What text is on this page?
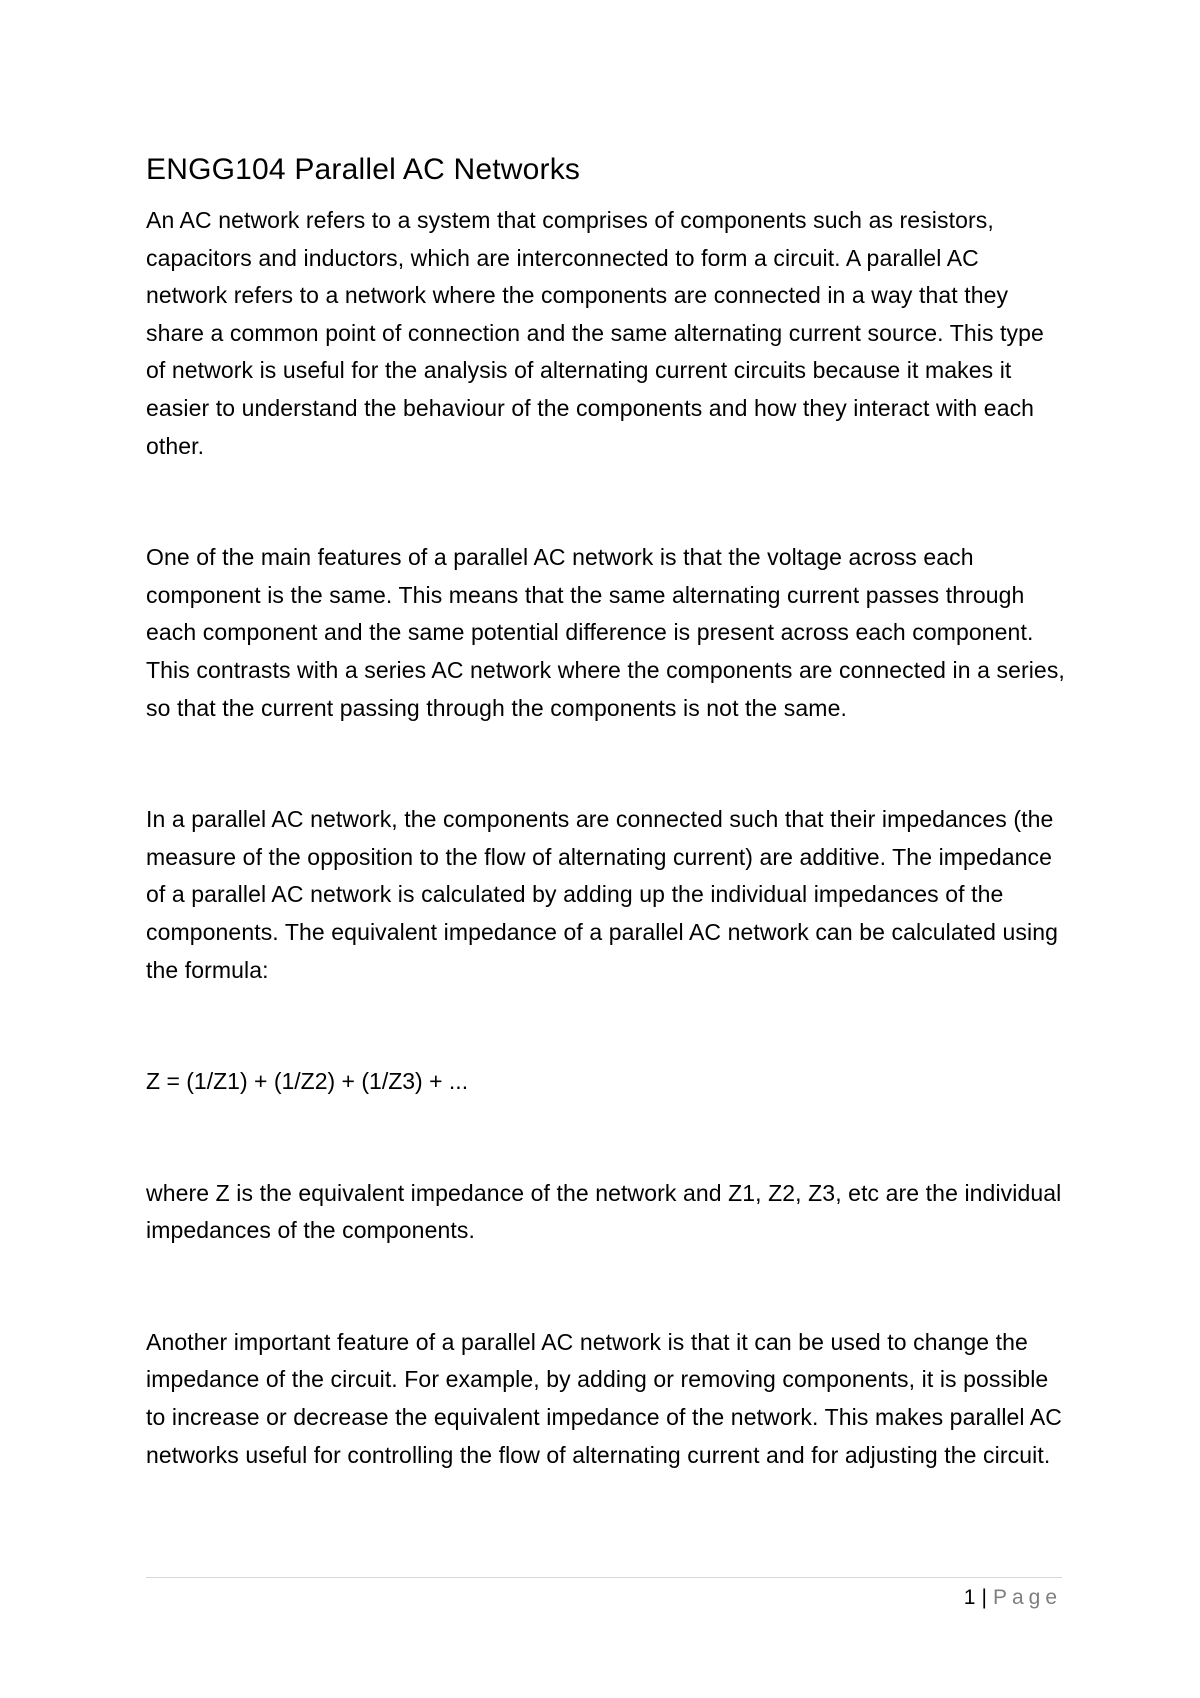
ENGG104 Parallel AC Networks

An AC network refers to a system that comprises of components such as resistors, capacitors and inductors, which are interconnected to form a circuit. A parallel AC network refers to a network where the components are connected in a way that they share a common point of connection and the same alternating current source. This type of network is useful for the analysis of alternating current circuits because it makes it easier to understand the behaviour of the components and how they interact with each other.

One of the main features of a parallel AC network is that the voltage across each component is the same. This means that the same alternating current passes through each component and the same potential difference is present across each component. This contrasts with a series AC network where the components are connected in a series, so that the current passing through the components is not the same.

In a parallel AC network, the components are connected such that their impedances (the measure of the opposition to the flow of alternating current) are additive. The impedance of a parallel AC network is calculated by adding up the individual impedances of the components. The equivalent impedance of a parallel AC network can be calculated using the formula:

Z = (1/Z1) + (1/Z2) + (1/Z3) + ...

where Z is the equivalent impedance of the network and Z1, Z2, Z3, etc are the individual impedances of the components.

Another important feature of a parallel AC network is that it can be used to change the impedance of the circuit. For example, by adding or removing components, it is possible to increase or decrease the equivalent impedance of the network. This makes parallel AC networks useful for controlling the flow of alternating current and for adjusting the circuit.

1 | Page
